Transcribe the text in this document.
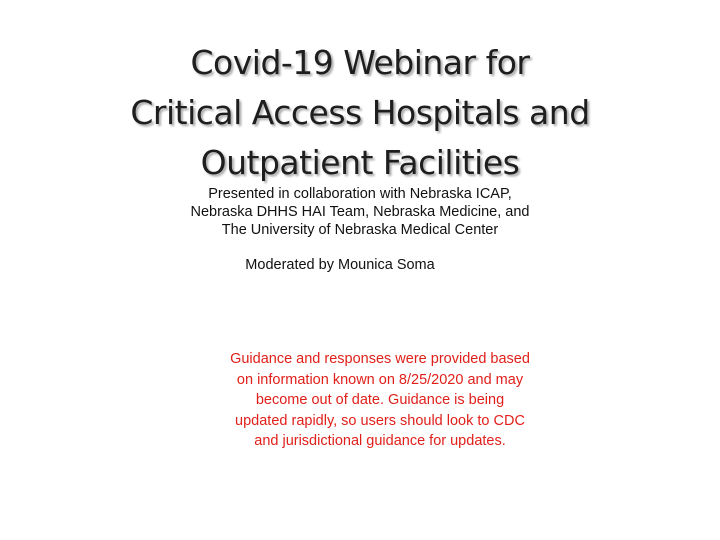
Covid-19 Webinar for
Critical Access Hospitals and
Outpatient Facilities
Presented in collaboration with Nebraska ICAP,
Nebraska DHHS HAI Team, Nebraska Medicine, and
The University of Nebraska Medical Center
Moderated by Mounica Soma
Guidance and responses were provided based
on information known on 8/25/2020 and may
become out of date. Guidance is being
updated rapidly, so users should look to CDC
and jurisdictional guidance for updates.
